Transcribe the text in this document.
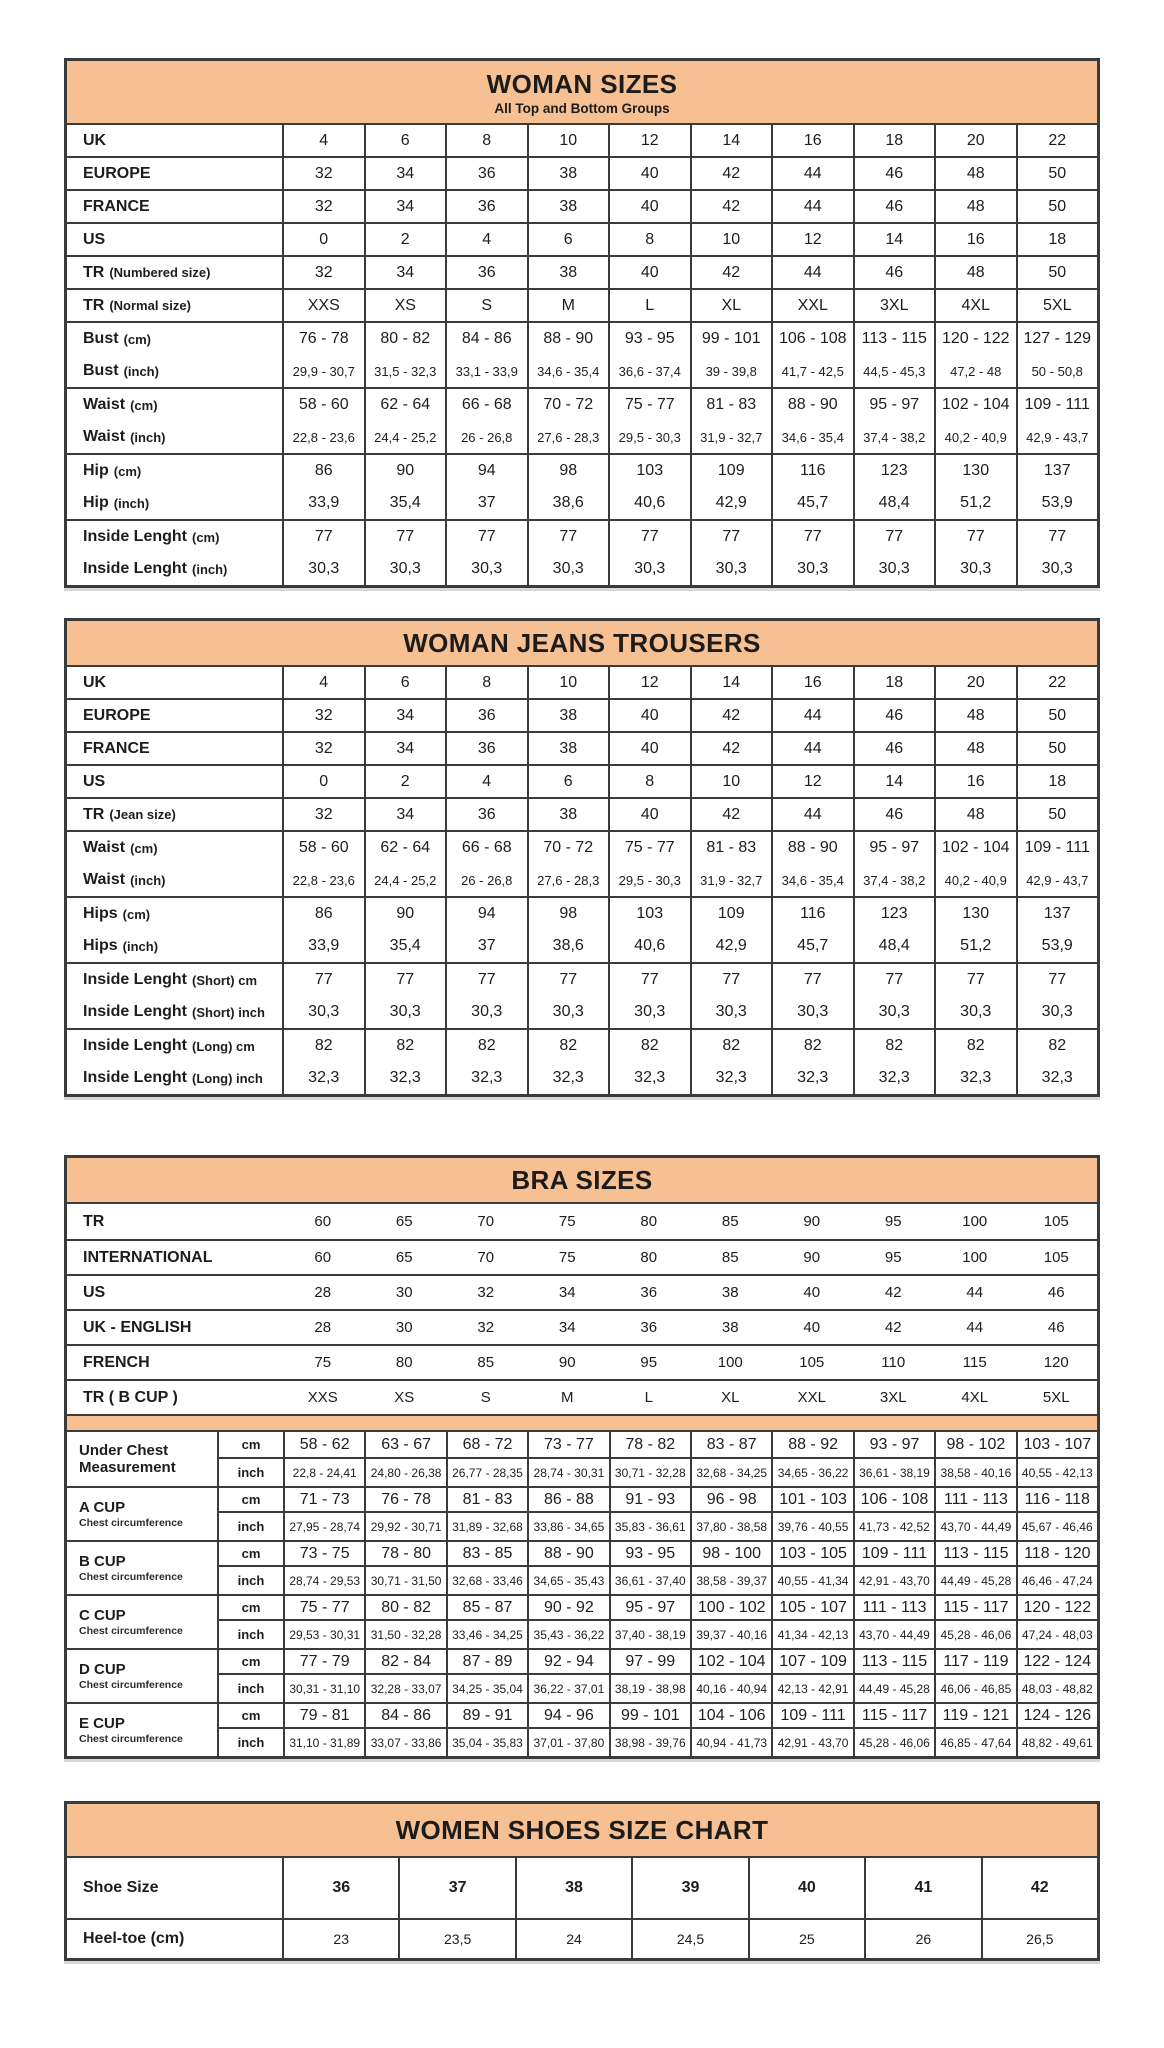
WOMAN SIZES
All Top and Bottom Groups
UK	4	6	8	10	12	14	16	18	20	22
EUROPE	32	34	36	38	40	42	44	46	48	50
FRANCE	32	34	36	38	40	42	44	46	48	50
US	0	2	4	6	8	10	12	14	16	18
TR (Numbered size)	32	34	36	38	40	42	44	46	48	50
TR (Normal size)	XXS	XS	S	M	L	XL	XXL	3XL	4XL	5XL
Bust (cm)	76 - 78	80 - 82	84 - 86	88 - 90	93 - 95	99 - 101	106 - 108 113 - 115 120 - 122 127 - 129
Bust (inch)	29,9 - 30,7	31,5 - 32,3	33,1 - 33,9	34,6 - 35,4	36,6 - 37,4	39 - 39,8	41,7 - 42,5	44,5 - 45,3	47,2 - 48	50 - 50,8
Waist (cm)	58 - 60	62 - 64	66 - 68	70 - 72	75 - 77	81 - 83	88 - 90	95 - 97	102 - 104 109 - 111
Waist (inch)	22,8 - 23,6	24,4 - 25,2	26 - 26,8	27,6 - 28,3	29,5 - 30,3	31,9 - 32,7	34,6 - 35,4	37,4 - 38,2	40,2 - 40,9	42,9 - 43,7
Hip (cm)	86	90	94	98	103	109	116	123	130	137
Hip (inch)	33,9	35,4	37	38,6	40,6	42,9	45,7	48,4	51,2	53,9
Inside Lenght (cm)	77	77	77	77	77	77	77	77	77	77
Inside Lenght (inch)	30,3	30,3	30,3	30,3	30,3	30,3	30,3	30,3	30,3	30,3
WOMAN JEANS TROUSERS
UK	4	6	8	10	12	14	16	18	20	22
EUROPE	32	34	36	38	40	42	44	46	48	50
FRANCE	32	34	36	38	40	42	44	46	48	50
US	0	2	4	6	8	10	12	14	16	18
TR (Jean size)	32	34	36	38	40	42	44	46	48	50
Waist (cm)	58 - 60	62 - 64	66 - 68	70 - 72	75 - 77	81 - 83	88 - 90	95 - 97	102 - 104 109 - 111
Waist (inch)	22,8 - 23,6	24,4 - 25,2	26 - 26,8	27,6 - 28,3	29,5 - 30,3	31,9 - 32,7	34,6 - 35,4	37,4 - 38,2	40,2 - 40,9	42,9 - 43,7
Hips (cm)	86	90	94	98	103	109	116	123	130	137
Hips (inch)	33,9	35,4	37	38,6	40,6	42,9	45,7	48,4	51,2	53,9
Inside Lenght (Short) cm	77	77	77	77	77	77	77	77	77	77
Inside Lenght (Short) inch	30,3	30,3	30,3	30,3	30,3	30,3	30,3	30,3	30,3	30,3
Inside Lenght (Long) cm	82	82	82	82	82	82	82	82	82	82
Inside Lenght (Long) inch	32,3	32,3	32,3	32,3	32,3	32,3	32,3	32,3	32,3	32,3
BRA SIZES
TR	60	65	70	75	80	85	90	95	100	105
INTERNATIONAL	60	65	70	75	80	85	90	95	100	105
US	28	30	32	34	36	38	40	42	44	46
UK - ENGLISH	28	30	32	34	36	38	40	42	44	46
FRENCH	75	80	85	90	95	100	105	110	115	120
TR ( B CUP )	XXS	XS	S	M	L	XL	XXL	3XL	4XL	5XL
Under Chest
Measurement
cm	58 - 62	63 - 67	68 - 72	73 - 77	78 - 82	83 - 87	88 - 92	93 - 97	98 - 102	103 - 107
inch	22,8 - 24,41	24,80 - 26,38 26,77 - 28,35 28,74 - 30,31 30,71 - 32,28 32,68 - 34,25 34,65 - 36,22 36,61 - 38,19 38,58 - 40,16 40,55 - 42,13
A CUP
Chest circumference
cm	71 - 73	76 - 78	81 - 83	86 - 88	91 - 93	96 - 98	101 - 103 106 - 108 111 - 113	116 - 118
inch	27,95 - 28,74 29,92 - 30,71 31,89 - 32,68 33,86 - 34,65 35,83 - 36,61 37,80 - 38,58 39,76 - 40,55 41,73 - 42,52 43,70 - 44,49 45,67 - 46,46
B CUP
Chest circumference
cm	73 - 75	78 - 80	83 - 85	88 - 90	93 - 95	98 - 100	103 - 105 109 - 111	113 - 115 118 - 120
inch	28,74 - 29,53 30,71 - 31,50 32,68 - 33,46 34,65 - 35,43 36,61 - 37,40 38,58 - 39,37 40,55 - 41,34 42,91 - 43,70 44,49 - 45,28 46,46 - 47,24
C CUP
Chest circumference
cm	75 - 77	80 - 82	85 - 87	90 - 92	95 - 97	100 - 102 105 - 107 111 - 113	115 - 117 120 - 122
inch	29,53 - 30,31 31,50 - 32,28 33,46 - 34,25 35,43 - 36,22 37,40 - 38,19 39,37 - 40,16 41,34 - 42,13 43,70 - 44,49 45,28 - 46,06 47,24 - 48,03
D CUP
Chest circumference
cm	77 - 79	82 - 84	87 - 89	92 - 94	97 - 99	102 - 104 107 - 109 113 - 115	117 - 119 122 - 124
inch	30,31 - 31,10 32,28 - 33,07 34,25 - 35,04 36,22 - 37,01 38,19 - 38,98 40,16 - 40,94 42,13 - 42,91 44,49 - 45,28 46,06 - 46,85 48,03 - 48,82
E CUP
Chest circumference
cm	79 - 81	84 - 86	89 - 91	94 - 96	99 - 101	104 - 106 109 - 111	115 - 117 119 - 121 124 - 126
inch	31,10 - 31,89 33,07 - 33,86 35,04 - 35,83 37,01 - 37,80 38,98 - 39,76 40,94 - 41,73 42,91 - 43,70 45,28 - 46,06 46,85 - 47,64 48,82 - 49,61
WOMEN SHOES SIZE CHART
Shoe Size	36	37	38	39	40	41	42
Heel-toe (cm)	23	23,5	24	24,5	25	26	26,5
